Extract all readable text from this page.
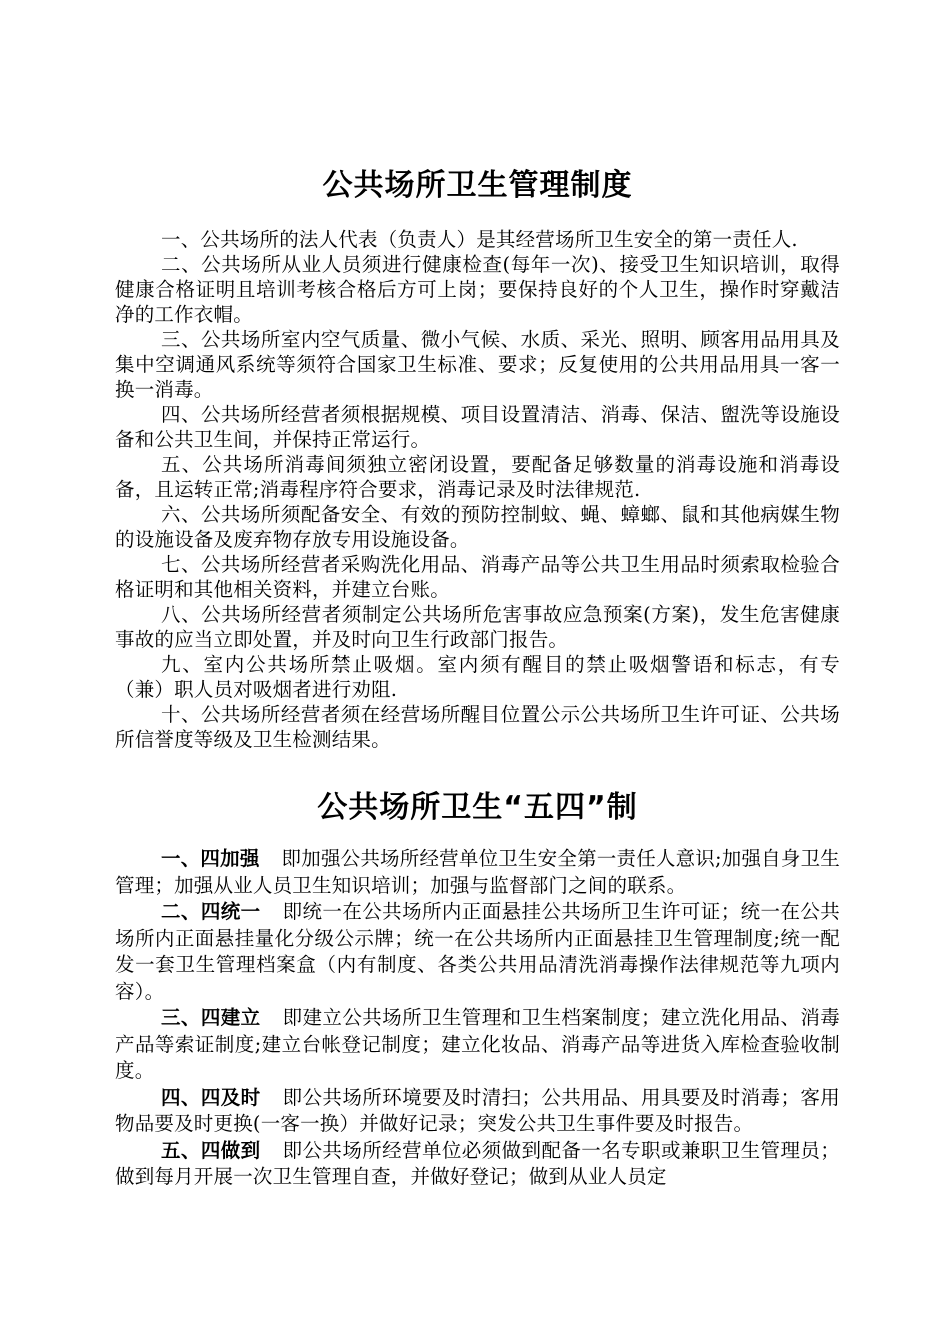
公共场所卫生管理制度

一、公共场所的法人代表（负责人）是其经营场所卫生安全的第一责任人.

二、公共场所从业人员须进行健康检查(每年一次)、接受卫生知识培训，取得健康合格证明且培训考核合格后方可上岗；要保持良好的个人卫生，操作时穿戴洁净的工作衣帽。

三、公共场所室内空气质量、微小气候、水质、采光、照明、顾客用品用具及集中空调通风系统等须符合国家卫生标准、要求；反复使用的公共用品用具一客一换一消毒。

四、公共场所经营者须根据规模、项目设置清洁、消毒、保洁、盥洗等设施设备和公共卫生间，并保持正常运行。

五、公共场所消毒间须独立密闭设置，要配备足够数量的消毒设施和消毒设备，且运转正常;消毒程序符合要求，消毒记录及时法律规范.

六、公共场所须配备安全、有效的预防控制蚊、蝇、蟑螂、鼠和其他病媒生物的设施设备及废弃物存放专用设施设备。

七、公共场所经营者采购洗化用品、消毒产品等公共卫生用品时须索取检验合格证明和其他相关资料，并建立台账。

八、公共场所经营者须制定公共场所危害事故应急预案(方案)，发生危害健康事故的应当立即处置，并及时向卫生行政部门报告。

九、室内公共场所禁止吸烟。室内须有醒目的禁止吸烟警语和标志，有专（兼）职人员对吸烟者进行劝阻.

十、公共场所经营者须在经营场所醒目位置公示公共场所卫生许可证、公共场所信誉度等级及卫生检测结果。

公共场所卫生“五四”制

一、四加强 即加强公共场所经营单位卫生安全第一责任人意识;加强自身卫生管理；加强从业人员卫生知识培训；加强与监督部门之间的联系。

二、四统一 即统一在公共场所内正面悬挂公共场所卫生许可证；统一在公共场所内正面悬挂量化分级公示牌；统一在公共场所内正面悬挂卫生管理制度;统一配发一套卫生管理档案盒（内有制度、各类公共用品清洗消毒操作法律规范等九项内容）。

三、四建立 即建立公共场所卫生管理和卫生档案制度；建立洗化用品、消毒产品等索证制度;建立台帐登记制度；建立化妆品、消毒产品等进货入库检查验收制度。

四、四及时 即公共场所环境要及时清扫；公共用品、用具要及时消毒；客用物品要及时更换(一客一换）并做好记录；突发公共卫生事件要及时报告。

五、四做到 即公共场所经营单位必须做到配备一名专职或兼职卫生管理员；做到每月开展一次卫生管理自查，并做好登记；做到从业人员定
